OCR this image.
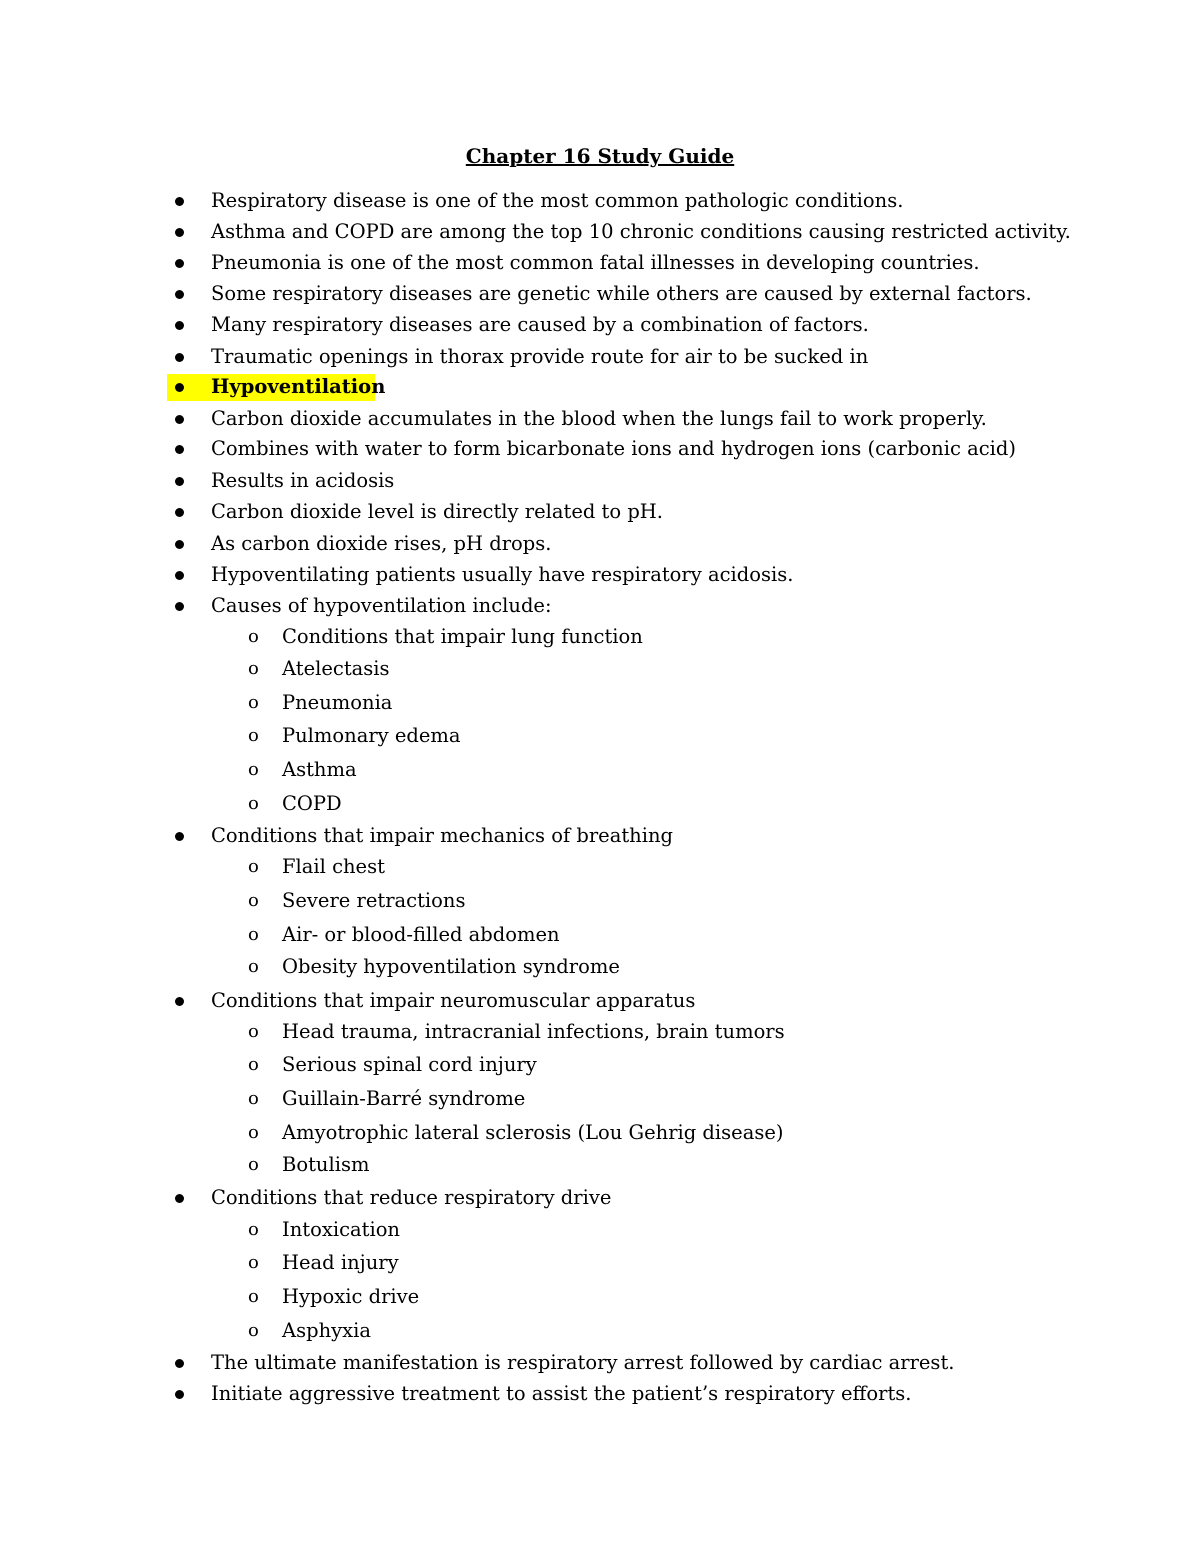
Chapter 16 Study Guide
Respiratory disease is one of the most common pathologic conditions.
Asthma and COPD are among the top 10 chronic conditions causing restricted activity.
Pneumonia is one of the most common fatal illnesses in developing countries.
Some respiratory diseases are genetic while others are caused by external factors.
Many respiratory diseases are caused by a combination of factors.
Traumatic openings in thorax provide route for air to be sucked in
Hypoventilation
Carbon dioxide accumulates in the blood when the lungs fail to work properly.
Combines with water to form bicarbonate ions and hydrogen ions (carbonic acid)
Results in acidosis
Carbon dioxide level is directly related to pH.
As carbon dioxide rises, pH drops.
Hypoventilating patients usually have respiratory acidosis.
Causes of hypoventilation include:
o Conditions that impair lung function
o Atelectasis
o Pneumonia
o Pulmonary edema
o Asthma
o COPD
Conditions that impair mechanics of breathing
o Flail chest
o Severe retractions
o Air- or blood-filled abdomen
o Obesity hypoventilation syndrome
Conditions that impair neuromuscular apparatus
o Head trauma, intracranial infections, brain tumors
o Serious spinal cord injury
o Guillain-Barré syndrome
o Amyotrophic lateral sclerosis (Lou Gehrig disease)
o Botulism
Conditions that reduce respiratory drive
o Intoxication
o Head injury
o Hypoxic drive
o Asphyxia
The ultimate manifestation is respiratory arrest followed by cardiac arrest.
Initiate aggressive treatment to assist the patient’s respiratory efforts.
